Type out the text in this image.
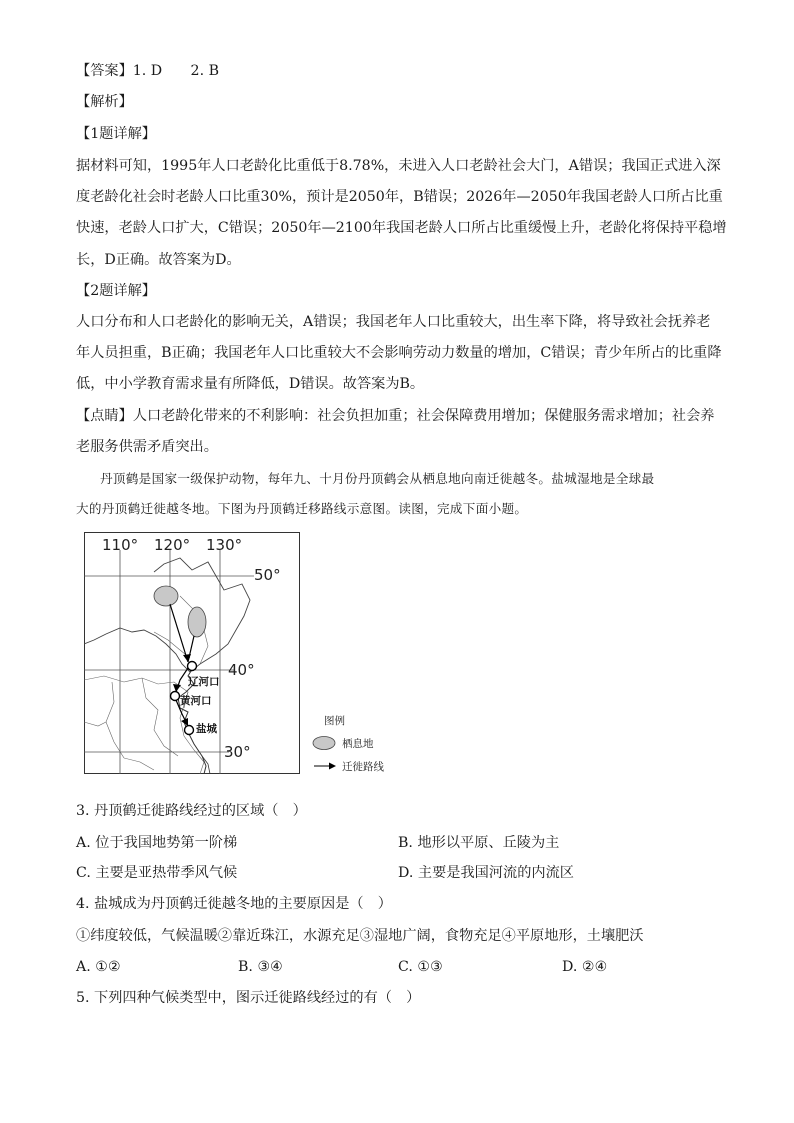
【答案】1. D　　2. B
【解析】
【1题详解】
据材料可知，1995年人口老龄化比重低于8.78%，未进入人口老龄社会大门，A错误；我国正式进入深
度老龄化社会时老龄人口比重30%，预计是2050年，B错误；2026年—2050年我国老龄人口所占比重
快速，老龄人口扩大，C错误；2050年—2100年我国老龄人口所占比重缓慢上升，老龄化将保持平稳增
长，D正确。故答案为D。
【2题详解】
人口分布和人口老龄化的影响无关，A错误；我国老年人口比重较大，出生率下降，将导致社会抚养老
年人员担重，B正确；我国老年人口比重较大不会影响劳动力数量的增加，C错误；青少年所占的比重降
低，中小学教育需求量有所降低，D错误。故答案为B。
【点睛】人口老龄化带来的不利影响：社会负担加重；社会保障费用增加；保健服务需求增加；社会养
老服务供需矛盾突出。
丹顶鹤是国家一级保护动物，每年九、十月份丹顶鹤会从栖息地向南迁徙越冬。盐城湿地是全球最
大的丹顶鹤迁徙越冬地。下图为丹顶鹤迁移路线示意图。读图，完成下面小题。
110° 120° 130°
50°
40°
30°
辽河口
黄河口
盐城
图例
栖息地
迁徙路线
3. 丹顶鹤迁徙路线经过的区域（　）
A. 位于我国地势第一阶梯	B. 地形以平原、丘陵为主
C. 主要是亚热带季风气候	D. 主要是我国河流的内流区
4. 盐城成为丹顶鹤迁徙越冬地的主要原因是（　）
①纬度较低，气候温暖②靠近珠江，水源充足③湿地广阔，食物充足④平原地形，土壤肥沃
A. ①②	B. ③④	C. ①③	D. ②④
5. 下列四种气候类型中，图示迁徙路线经过的有（　）
